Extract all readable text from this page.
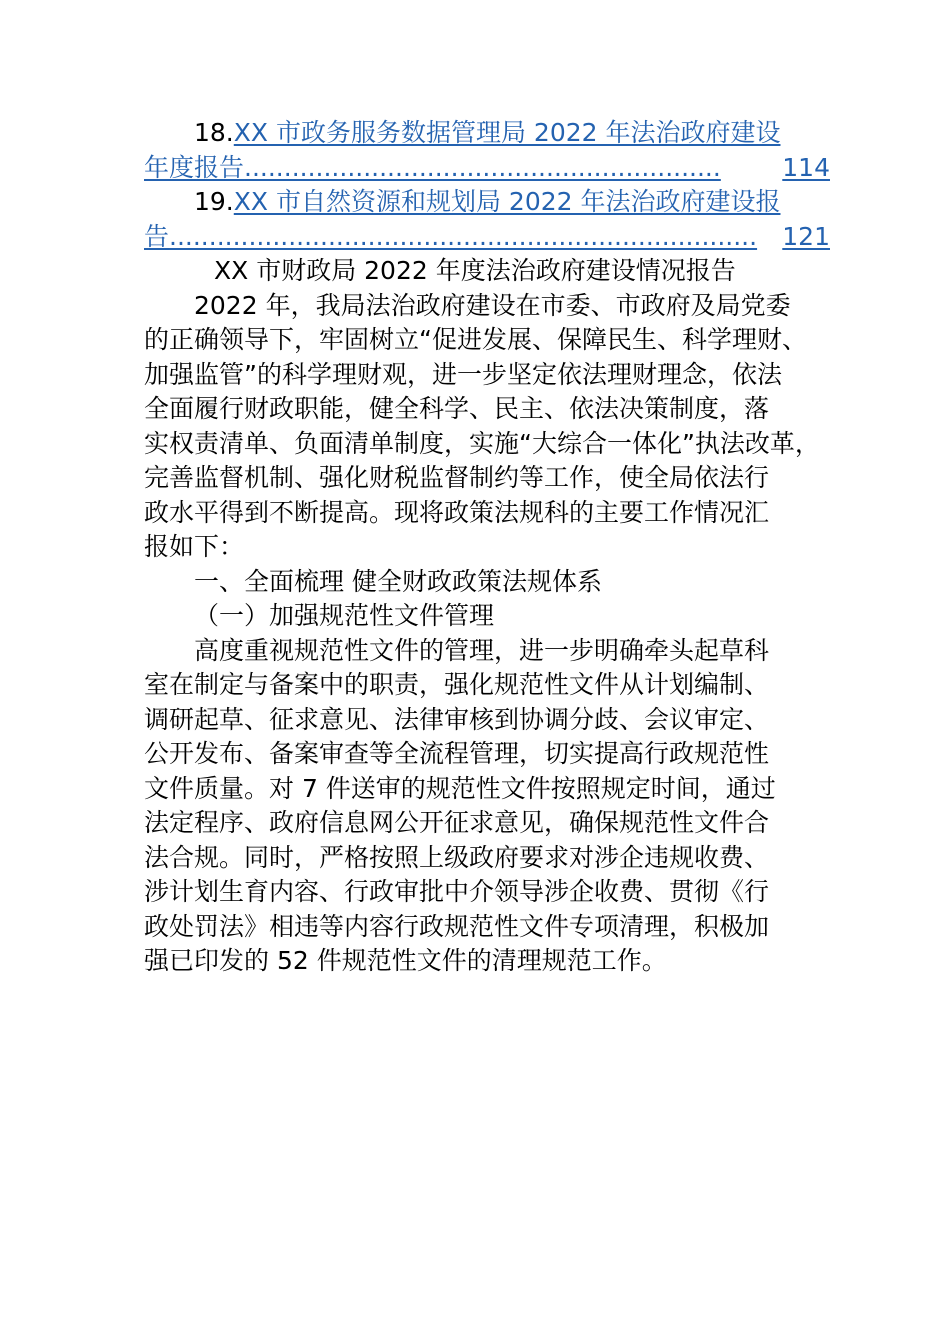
18.XX 市政务服务数据管理局 2022 年法治政府建设
年度报告............................................................ 114
19.XX 市自然资源和规划局 2022 年法治政府建设报
告.......................................................................... 121
XX 市财政局 2022 年度法治政府建设情况报告
2022 年，我局法治政府建设在市委、市政府及局党委
的正确领导下，牢固树立“促进发展、保障民生、科学理财、
加强监管”的科学理财观，进一步坚定依法理财理念，依法
全面履行财政职能，健全科学、民主、依法决策制度，落
实权责清单、负面清单制度，实施“大综合一体化”执法改革，
完善监督机制、强化财税监督制约等工作，使全局依法行
政水平得到不断提高。现将政策法规科的主要工作情况汇
报如下：
一、全面梳理 健全财政政策法规体系
（一）加强规范性文件管理
高度重视规范性文件的管理，进一步明确牵头起草科
室在制定与备案中的职责，强化规范性文件从计划编制、
调研起草、征求意见、法律审核到协调分歧、会议审定、
公开发布、备案审查等全流程管理，切实提高行政规范性
文件质量。对 7 件送审的规范性文件按照规定时间，通过
法定程序、政府信息网公开征求意见，确保规范性文件合
法合规。同时，严格按照上级政府要求对涉企违规收费、
涉计划生育内容、行政审批中介领导涉企收费、贯彻《行
政处罚法》相违等内容行政规范性文件专项清理，积极加
强已印发的 52 件规范性文件的清理规范工作。
